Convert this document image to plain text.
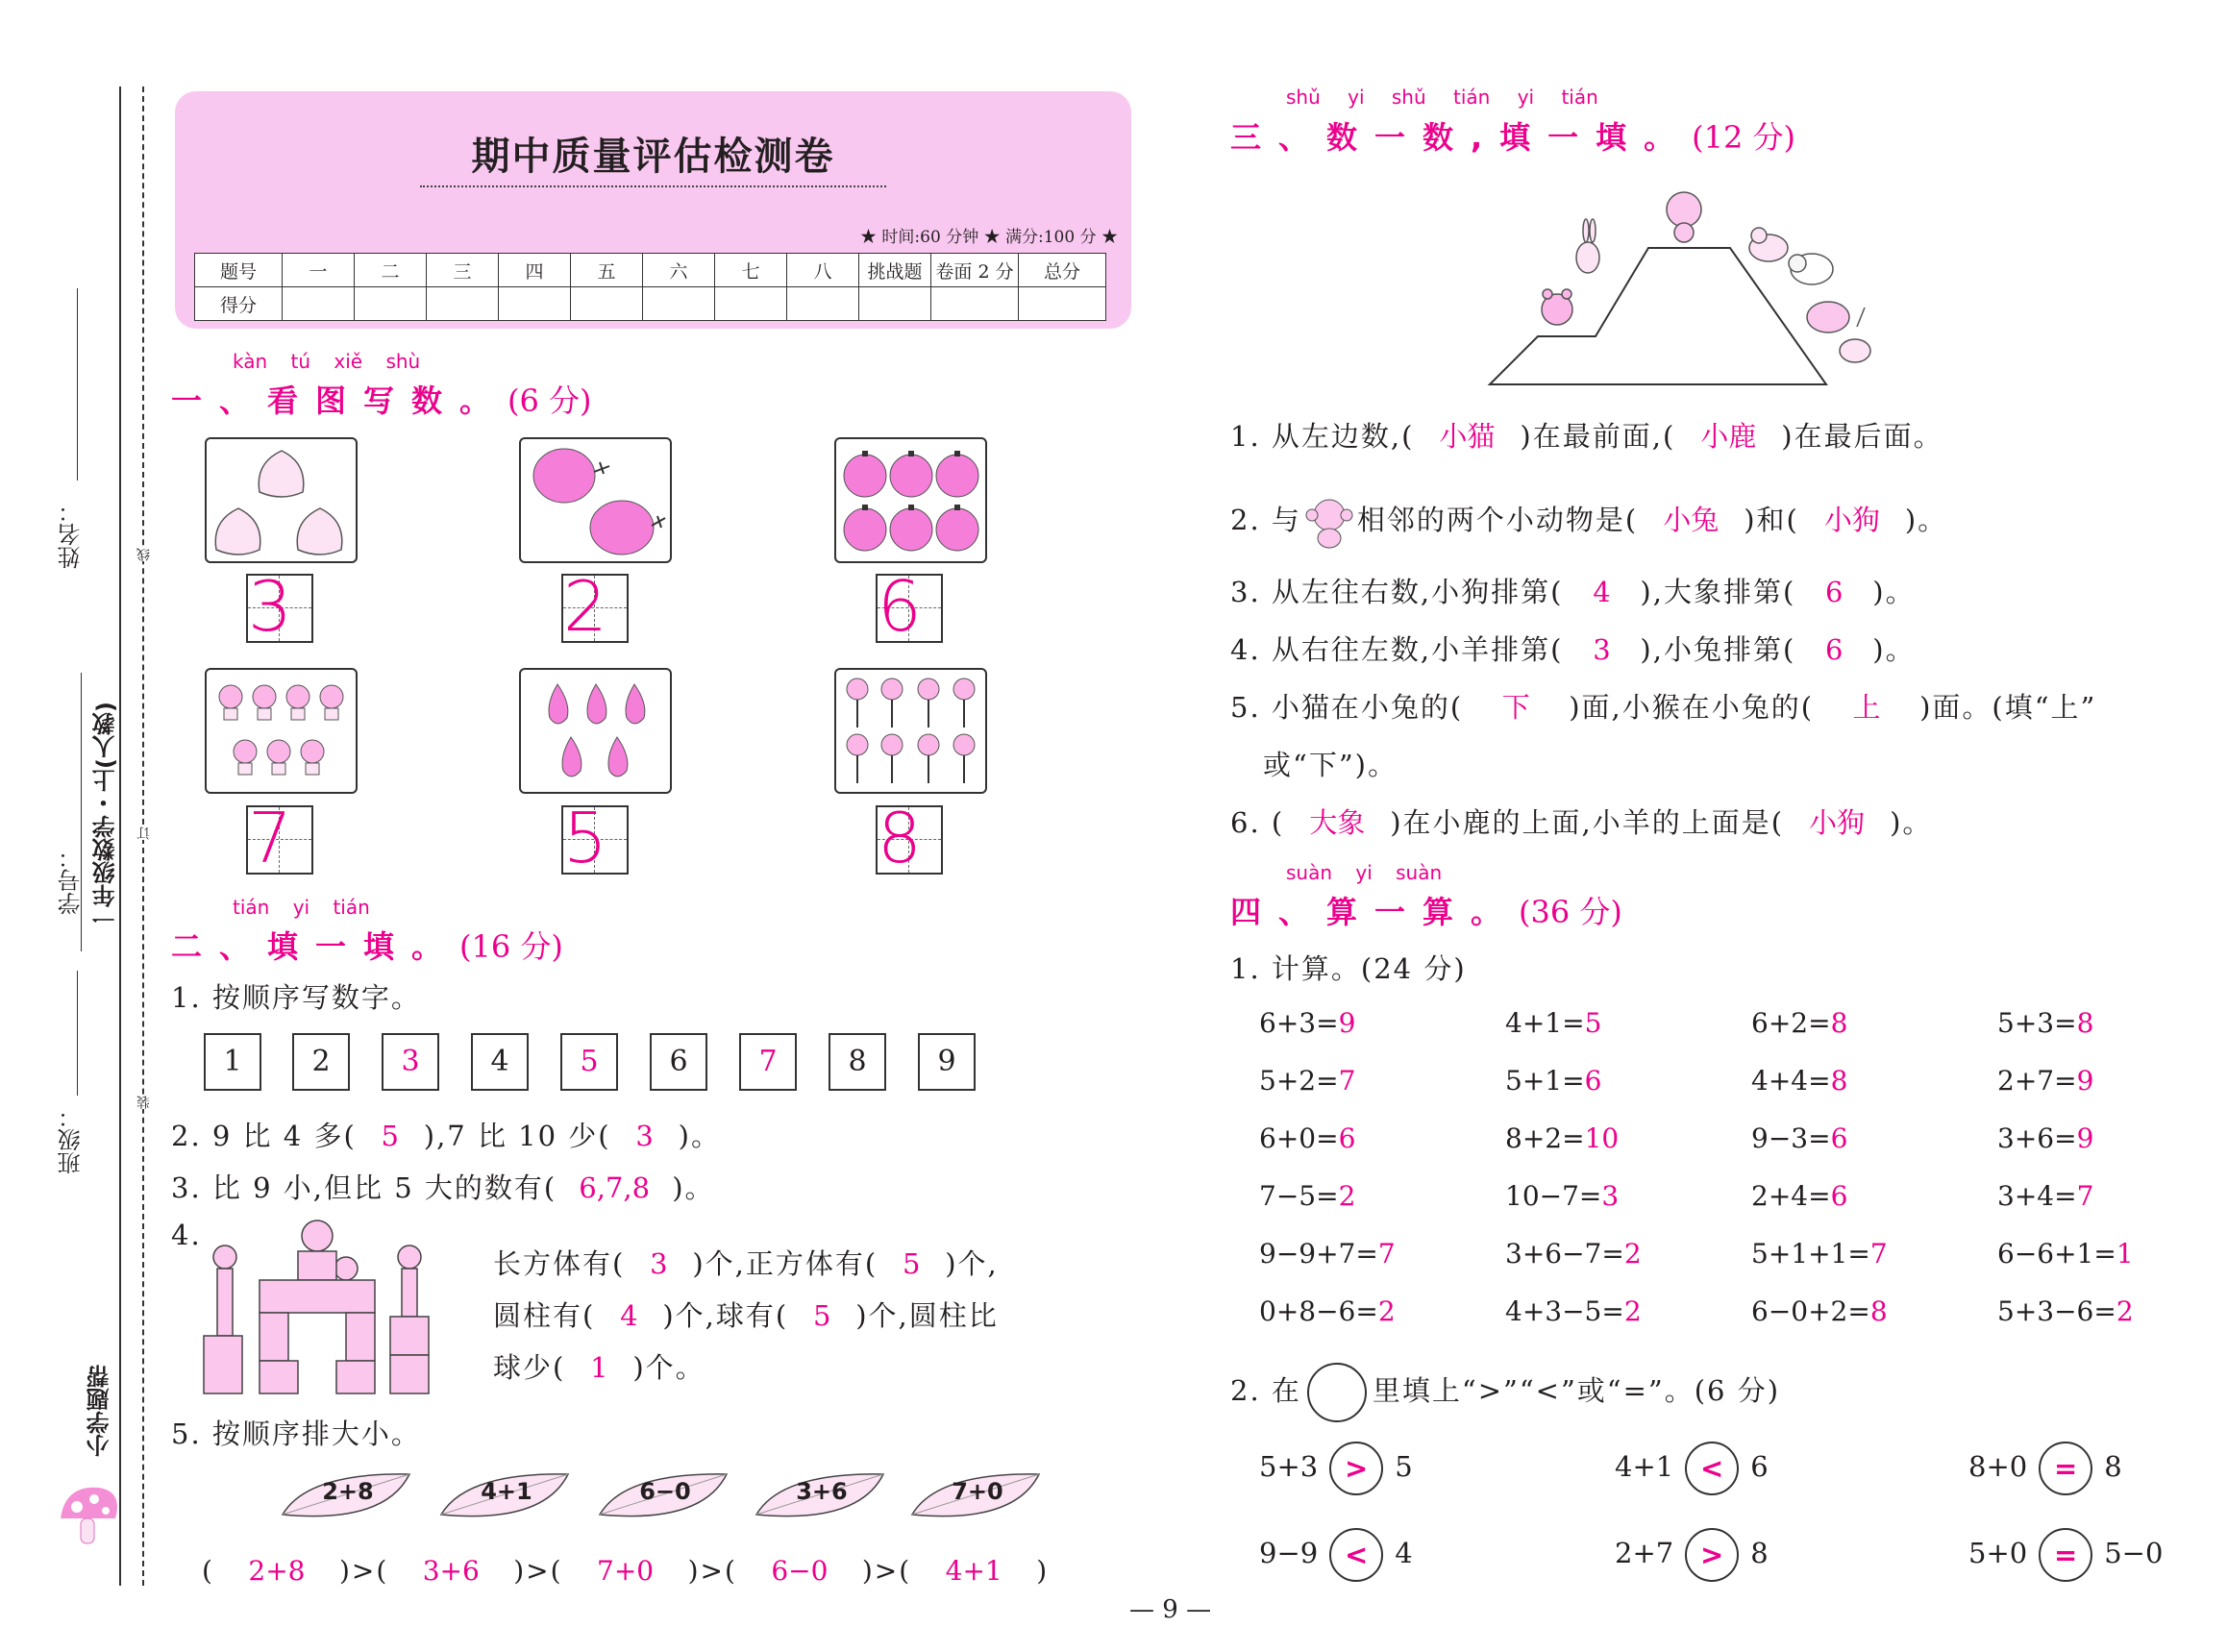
姓名：
学号： 一年级数学・上(人教)
班级：
线
订
装
小学题帮
期中质量评估检测卷
★ 时间:60 分钟 ★ 满分:100 分 ★
题号	一	二	三	四	五	六	七	八	挑战题	卷面 2 分	总分
得分											
kàn tú xiě shù
一、看图写数。(6 分)
3	2	6
7	5	8
tián yi tián
二、填一填。(16 分)
1. 按顺序写数字。
1	2	3	4	5	6	7	8	9
2. 9 比 4 多( 5 ),7 比 10 少( 3 )。
3. 比 9 小,但比 5 大的数有( 6,7,8 )。
4.
长方体有( 3 )个,正方体有( 5 )个,
圆柱有( 4 )个,球有( 5 )个,圆柱比
球少( 1 )个。
5. 按顺序排大小。
2+8	4+1	6−0	3+6	7+0
( 2+8 )>( 3+6 )>( 7+0 )>( 6−0 )>( 4+1 )
shǔ yi shǔ tián yi tián
三、数一数,填一填。(12 分)
1. 从左边数,( 小猫 )在最前面,( 小鹿 )在最后面。
2. 与 相邻的两个小动物是( 小兔 )和( 小狗 )。
3. 从左往右数,小狗排第( 4 ),大象排第( 6 )。
4. 从右往左数,小羊排第( 3 ),小兔排第( 6 )。
5. 小猫在小兔的( 下 )面,小猴在小兔的( 上 )面。(填“上”
或“下”)。
6. ( 大象 )在小鹿的上面,小羊的上面是( 小狗 )。
suàn yi suàn
四、算一算。(36 分)
1. 计算。(24 分)
6+3=9	4+1=5	6+2=8	5+3=8
5+2=7	5+1=6	4+4=8	2+7=9
6+0=6	8+2=10	9−3=6	3+6=9
7−5=2	10−7=3	2+4=6	3+4=7
9−9+7=7	3+6−7=2	5+1+1=7	6−6+1=1
0+8−6=2	4+3−5=2	6−0+2=8	5+3−6=2
2. 在	里填上“>”“<”或“=”。(6 分)
5+3 > 5	4+1 < 6	8+0 = 8
9−9 < 4	2+7 > 8	5+0 = 5−0
— 9 —
